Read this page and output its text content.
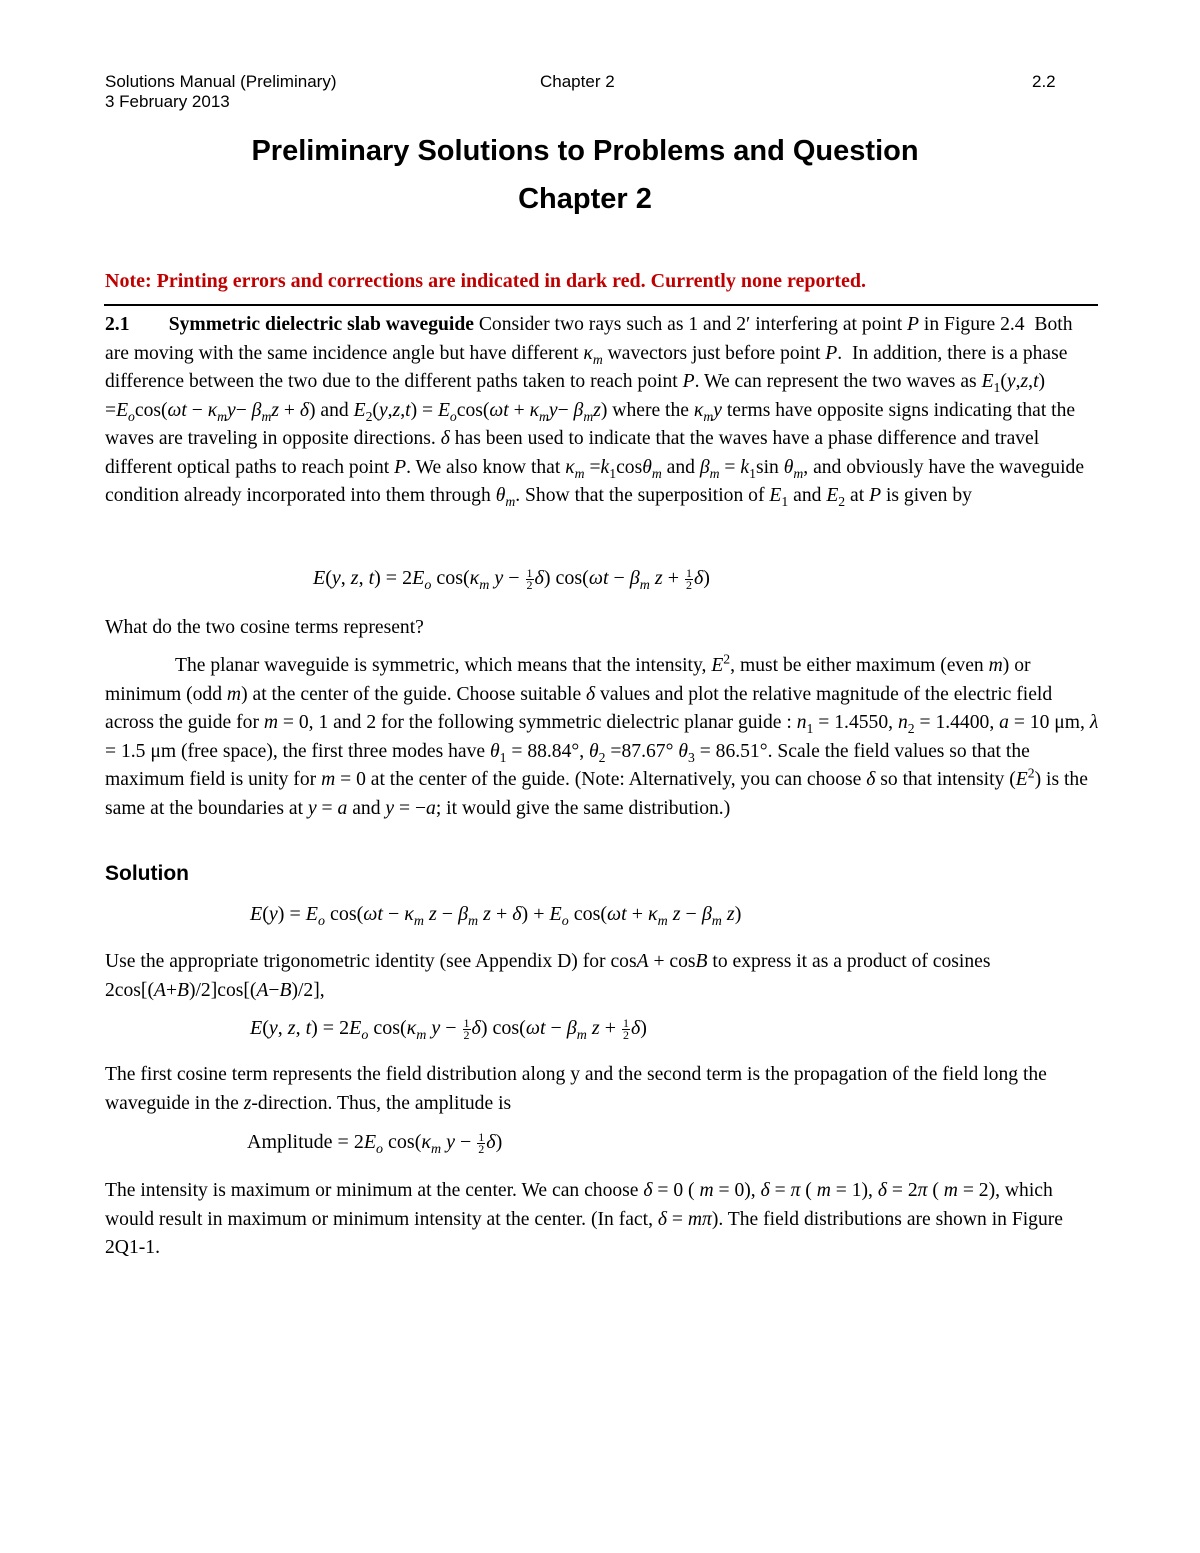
Solutions Manual (Preliminary)
3 February 2013
Chapter 2	2.2
Preliminary Solutions to Problems and Question
Chapter 2
Note: Printing errors and corrections are indicated in dark red. Currently none reported.

2.1 Symmetric dielectric slab waveguide Consider two rays such as 1 and 2′ interfering at point P in Figure 2.4  Both are moving with the same incidence angle but have different $\kappa_m$ wavectors just before point P.  In addition, there is a phase difference between the two due to the different paths taken to reach point P. We can represent the two waves as $E_1(y,z,t) =E_o\cos(\omega t - \kappa_my- \beta_mz + \delta)$ and $E_2(y,z,t) = E_o\cos(\omega t + \kappa_my- \beta_mz)$ where the $\kappa_my$ terms have opposite signs indicating that the waves are traveling in opposite directions. δ has been used to indicate that the waves have a phase difference and travel different optical paths to reach point P. We also know that $\kappa_m =k_1\cos\theta_m$ and $\beta_m = k_1\sin$ $\theta_m$, and obviously have the waveguide condition already incorporated into them through $\theta_m$. Show that the superposition of $E_1$ and $E_2$ at P is given by

E(y, z, $t) = 2E_o$ $\cos(\kappa_m$ $y - \frac{1}{2} \delta$) $\cos(\omega t - \beta_m$ $z + \frac{1}{2} \delta$)

What do the two cosine terms represent?

The planar waveguide is symmetric, which means that the intensity, $E^2$, must be either maximum (even m) or minimum (odd m) at the center of the guide. Choose suitable δ values and plot the relative magnitude of the electric field across the guide for m = 0, 1 and 2 for the following symmetric dielectric planar guide : $n_1 = 1.4550$, $n_2 = 1.4400$, a = 10 μm, λ = 1.5 μm (free space), the first three modes have $\theta_1 = 88.84^\circ$, $\theta_2 =87.67^\circ$ $\theta_3 = 86.51^\circ$. Scale the field values so that the maximum field is unity for m = 0 at the center of the guide. (Note: Alternatively, you can choose δ so that intensity $(E^2)$ is the same at the boundaries at y = a and y = −a; it would give the same distribution.)

Solution
$E(y) = E_o$ $\cos(\omega t - \kappa_m$ $z - \beta_m$ $z + \delta) + E_o$ $\cos(\omega t + \kappa_m$ $z - \beta_m$ z)

Use the appropriate trigonometric identity (see Appendix D) for cosA + cosB to express it as a product of cosines 2cos[(A+B)/2]cos[(A−B)/2],

E(y, z, $t) = 2E_o$ $\cos(\kappa_m$ $y - \frac{1}{2} \delta$) $\cos(\omega t - \beta_m$ $z + \frac{1}{2} \delta$)

The first cosine term represents the field distribution along y and the second term is the propagation of the field long the waveguide in the z-direction. Thus, the amplitude is

Amplitude = $2E_o$ $\cos(\kappa_m$ $y - \frac{1}{2} \delta$)

The intensity is maximum or minimum at the center. We can choose δ = 0 ( m = 0), δ = π ( m = 1), δ = 2π ( m = 2), which would result in maximum or minimum intensity at the center. (In fact, δ = mπ). The field distributions are shown in Figure 2Q1-1.
